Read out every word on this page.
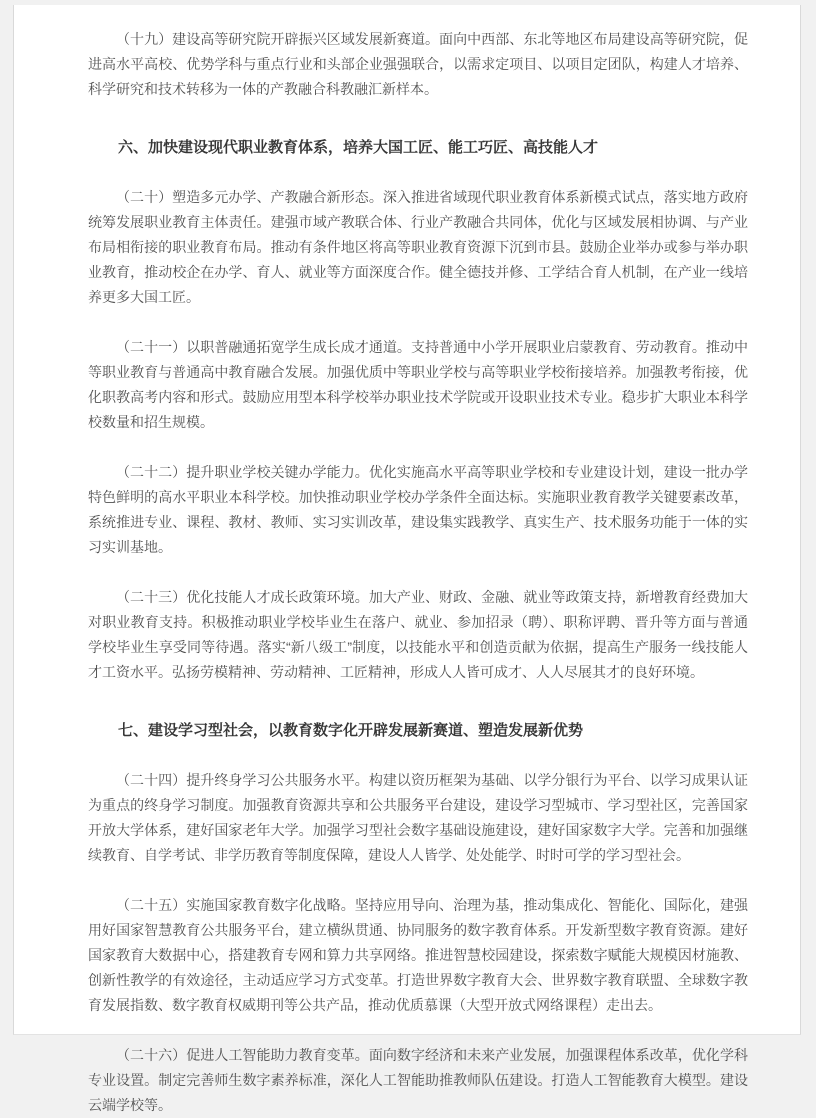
（十九）建设高等研究院开辟振兴区域发展新赛道。面向中西部、东北等地区布局建设高等研究院，促进高水平高校、优势学科与重点行业和头部企业强强联合，以需求定项目、以项目定团队，构建人才培养、科学研究和技术转移为一体的产教融合科教融汇新样本。

六、加快建设现代职业教育体系，培养大国工匠、能工巧匠、高技能人才

（二十）塑造多元办学、产教融合新形态。深入推进省域现代职业教育体系新模式试点，落实地方政府统筹发展职业教育主体责任。建强市域产教联合体、行业产教融合共同体，优化与区域发展相协调、与产业布局相衔接的职业教育布局。推动有条件地区将高等职业教育资源下沉到市县。鼓励企业举办或参与举办职业教育，推动校企在办学、育人、就业等方面深度合作。健全德技并修、工学结合育人机制，在产业一线培养更多大国工匠。

（二十一）以职普融通拓宽学生成长成才通道。支持普通中小学开展职业启蒙教育、劳动教育。推动中等职业教育与普通高中教育融合发展。加强优质中等职业学校与高等职业学校衔接培养。加强教考衔接，优化职教高考内容和形式。鼓励应用型本科学校举办职业技术学院或开设职业技术专业。稳步扩大职业本科学校数量和招生规模。

（二十二）提升职业学校关键办学能力。优化实施高水平高等职业学校和专业建设计划，建设一批办学特色鲜明的高水平职业本科学校。加快推动职业学校办学条件全面达标。实施职业教育教学关键要素改革，系统推进专业、课程、教材、教师、实习实训改革，建设集实践教学、真实生产、技术服务功能于一体的实习实训基地。

（二十三）优化技能人才成长政策环境。加大产业、财政、金融、就业等政策支持，新增教育经费加大对职业教育支持。积极推动职业学校毕业生在落户、就业、参加招录（聘）、职称评聘、晋升等方面与普通学校毕业生享受同等待遇。落实“新八级工”制度，以技能水平和创造贡献为依据，提高生产服务一线技能人才工资水平。弘扬劳模精神、劳动精神、工匠精神，形成人人皆可成才、人人尽展其才的良好环境。

七、建设学习型社会，以教育数字化开辟发展新赛道、塑造发展新优势

（二十四）提升终身学习公共服务水平。构建以资历框架为基础、以学分银行为平台、以学习成果认证为重点的终身学习制度。加强教育资源共享和公共服务平台建设，建设学习型城市、学习型社区，完善国家开放大学体系，建好国家老年大学。加强学习型社会数字基础设施建设，建好国家数字大学。完善和加强继续教育、自学考试、非学历教育等制度保障，建设人人皆学、处处能学、时时可学的学习型社会。

（二十五）实施国家教育数字化战略。坚持应用导向、治理为基，推动集成化、智能化、国际化，建强用好国家智慧教育公共服务平台，建立横纵贯通、协同服务的数字教育体系。开发新型数字教育资源。建好国家教育大数据中心，搭建教育专网和算力共享网络。推进智慧校园建设，探索数字赋能大规模因材施教、创新性教学的有效途径，主动适应学习方式变革。打造世界数字教育大会、世界数字教育联盟、全球数字教育发展指数、数字教育权威期刊等公共产品，推动优质慕课（大型开放式网络课程）走出去。

（二十六）促进人工智能助力教育变革。面向数字经济和未来产业发展，加强课程体系改革，优化学科专业设置。制定完善师生数字素养标准，深化人工智能助推教师队伍建设。打造人工智能教育大模型。建设云端学校等。
